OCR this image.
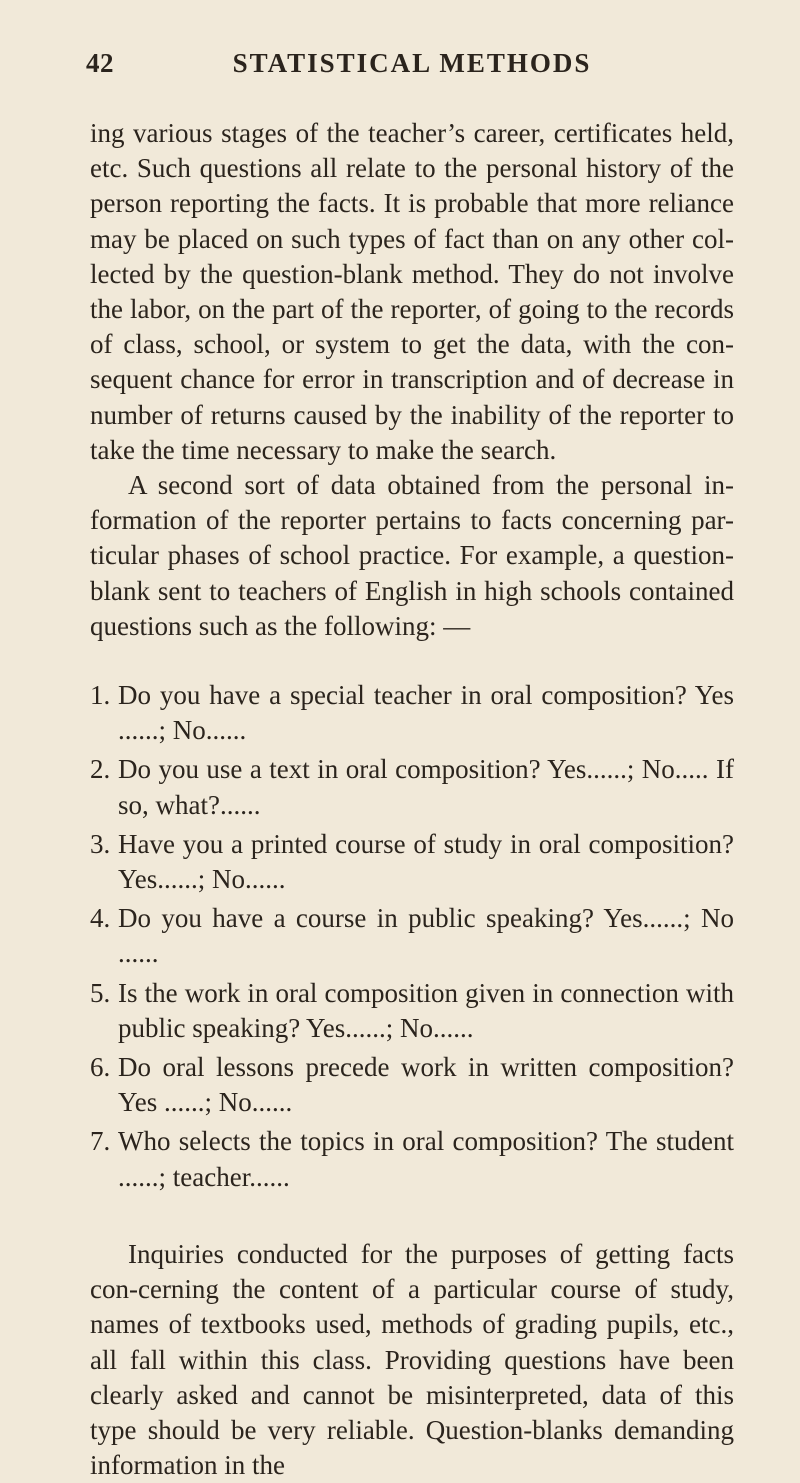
42	STATISTICAL METHODS

ing various stages of the teacher’s career, certificates held, etc. Such questions all relate to the personal history of the person reporting the facts. It is probable that more reliance may be placed on such types of fact than on any other col-lected by the question-blank method. They do not involve the labor, on the part of the reporter, of going to the records of class, school, or system to get the data, with the con-sequent chance for error in transcription and of decrease in number of returns caused by the inability of the reporter to take the time necessary to make the search.

A second sort of data obtained from the personal in-formation of the reporter pertains to facts concerning par-ticular phases of school practice. For example, a question-blank sent to teachers of English in high schools contained questions such as the following: —

1. Do you have a special teacher in oral composition? Yes ......; No......
2. Do you use a text in oral composition? Yes......; No..... If so, what?......
3. Have you a printed course of study in oral composition? Yes......; No......
4. Do you have a course in public speaking? Yes......; No ......
5. Is the work in oral composition given in connection with public speaking? Yes......; No......
6. Do oral lessons precede work in written composition? Yes ......; No......
7. Who selects the topics in oral composition? The student ......; teacher......

Inquiries conducted for the purposes of getting facts con-cerning the content of a particular course of study, names of textbooks used, methods of grading pupils, etc., all fall within this class. Providing questions have been clearly asked and cannot be misinterpreted, data of this type should be very reliable. Question-blanks demanding information in the
